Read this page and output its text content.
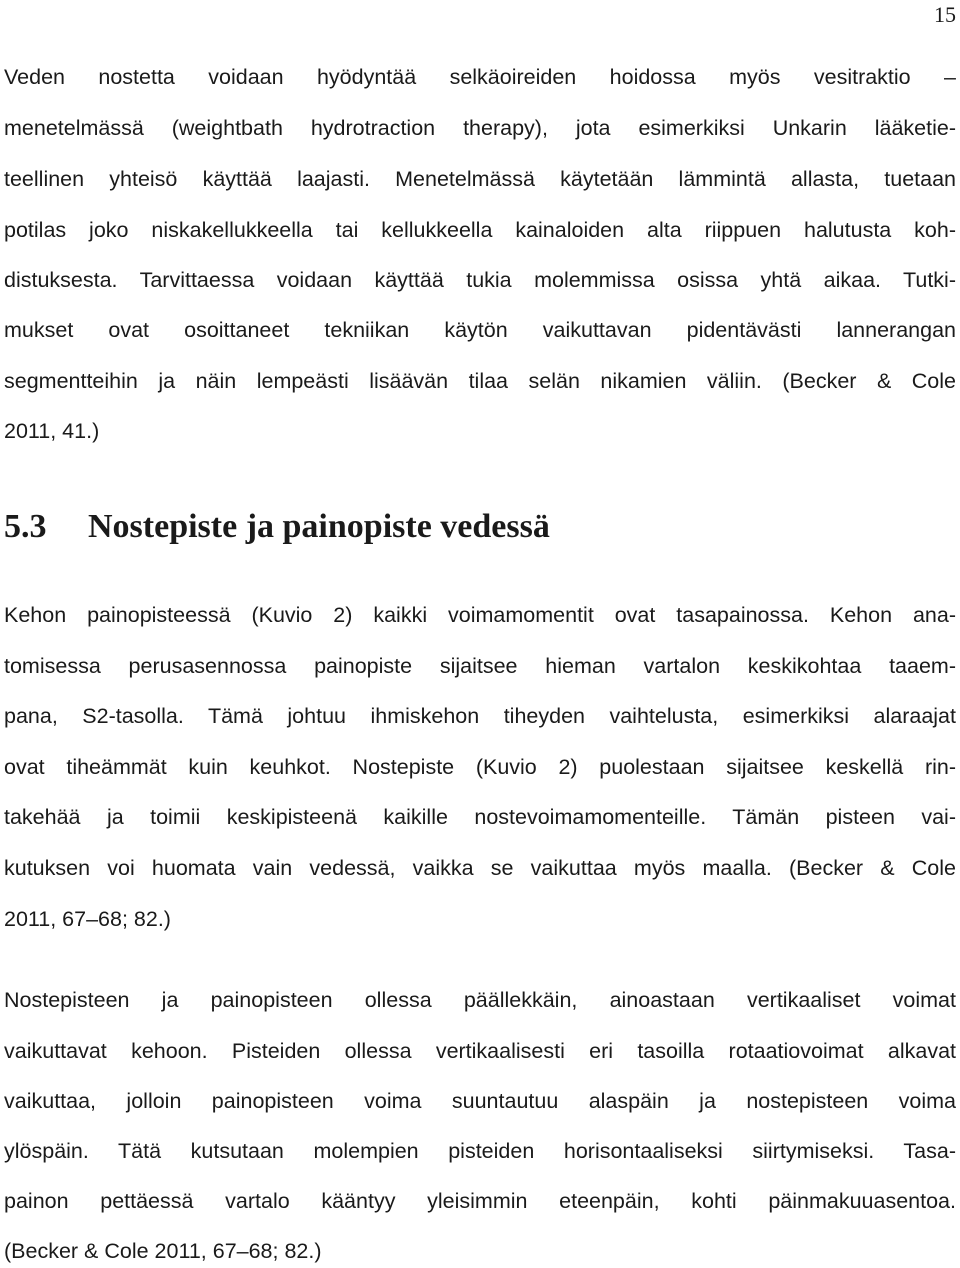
15
Veden nostetta voidaan hyödyntää selkäoireiden hoidossa myös vesitraktio –
menetelmässä (weightbath hydrotraction therapy), jota esimerkiksi Unkarin lääketie-
teellinen yhteisö käyttää laajasti. Menetelmässä käytetään lämmintä allasta, tuetaan
potilas joko niskakellukkeella tai kellukkeella kainaloiden alta riippuen halutusta koh-
distuksesta. Tarvittaessa voidaan käyttää tukia molemmissa osissa yhtä aikaa. Tutki-
mukset ovat osoittaneet tekniikan käytön vaikuttavan pidentävästi lannerangan
segmentteihin ja näin lempeästi lisäävän tilaa selän nikamien väliin. (Becker & Cole
2011, 41.)
5.3 Nostepiste ja painopiste vedessä
Kehon painopisteessä (Kuvio 2) kaikki voimamomentit ovat tasapainossa. Kehon ana-
tomisessa perusasennossa painopiste sijaitsee hieman vartalon keskikohtaa taaem-
pana, S2-tasolla. Tämä johtuu ihmiskehon tiheyden vaihtelusta, esimerkiksi alaraajat
ovat tiheämmät kuin keuhkot. Nostepiste (Kuvio 2) puolestaan sijaitsee keskellä rin-
takehää ja toimii keskipisteenä kaikille nostevoimamomenteille. Tämän pisteen vai-
kutuksen voi huomata vain vedessä, vaikka se vaikuttaa myös maalla. (Becker & Cole
2011, 67–68; 82.)
Nostepisteen ja painopisteen ollessa päällekkäin, ainoastaan vertikaaliset voimat
vaikuttavat kehoon. Pisteiden ollessa vertikaalisesti eri tasoilla rotaatiovoimat alkavat
vaikuttaa, jolloin painopisteen voima suuntautuu alaspäin ja nostepisteen voima
ylöspäin. Tätä kutsutaan molempien pisteiden horisontaaliseksi siirtymiseksi. Tasa-
painon pettäessä vartalo kääntyy yleisimmin eteenpäin, kohti päinmakuuasentoa.
(Becker & Cole 2011, 67–68; 82.)
